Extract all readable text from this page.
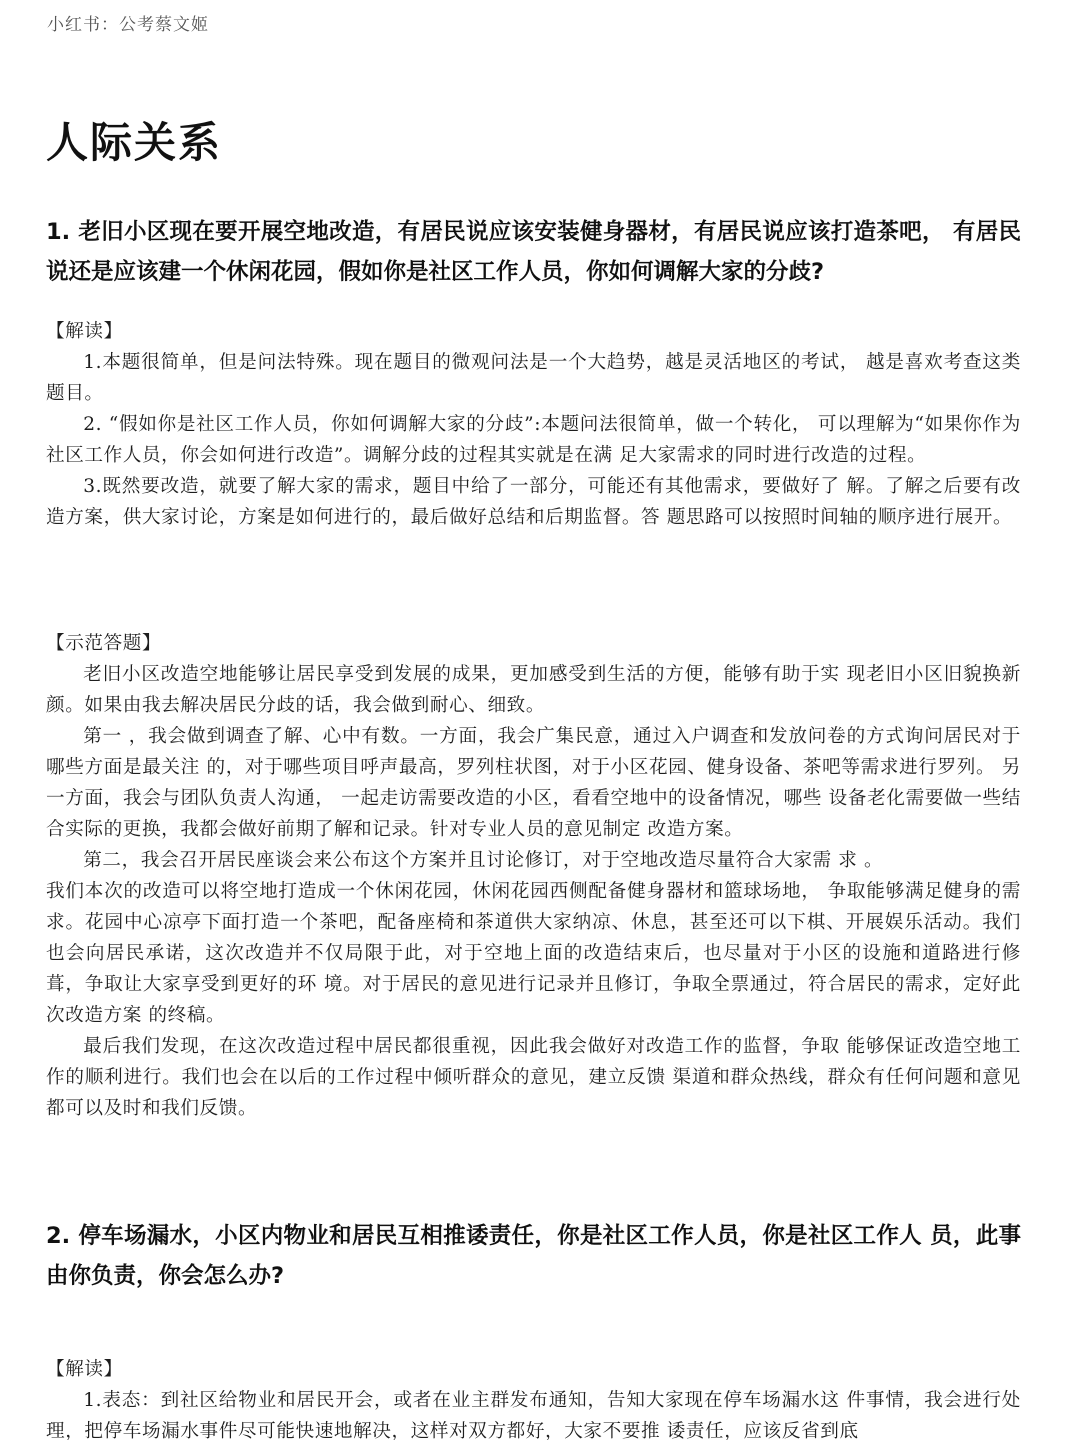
小红书：公考蔡文姬
人际关系
1. 老旧小区现在要开展空地改造，有居民说应该安装健身器材，有居民说应该打造茶吧， 有居民说还是应该建一个休闲花园，假如你是社区工作人员，你如何调解大家的分歧?

【解读】

1.本题很简单，但是问法特殊。现在题目的微观问法是一个大趋势，越是灵活地区的考试， 越是喜欢考查这类题目。

2. “假如你是社区工作人员，你如何调解大家的分歧”:本题问法很简单，做一个转化， 可以理解为“如果你作为社区工作人员，你会如何进行改造”。调解分歧的过程其实就是在满 足大家需求的同时进行改造的过程。

3.既然要改造，就要了解大家的需求，题目中给了一部分，可能还有其他需求，要做好了 解。了解之后要有改造方案，供大家讨论，方案是如何进行的，最后做好总结和后期监督。答 题思路可以按照时间轴的顺序进行展开。

【示范答题】

老旧小区改造空地能够让居民享受到发展的成果，更加感受到生活的方便，能够有助于实 现老旧小区旧貌换新颜。如果由我去解决居民分歧的话，我会做到耐心、细致。

第一 ，我会做到调查了解、心中有数。一方面，我会广集民意，通过入户调查和发放问卷的方式询问居民对于哪些方面是最关注 的，对于哪些项目呼声最高，罗列柱状图，对于小区花园、健身设备、茶吧等需求进行罗列。 另一方面，我会与团队负责人沟通， 一起走访需要改造的小区，看看空地中的设备情况，哪些 设备老化需要做一些结合实际的更换，我都会做好前期了解和记录。针对专业人员的意见制定 改造方案。

第二，我会召开居民座谈会来公布这个方案并且讨论修订，对于空地改造尽量符合大家需 求 。

我们本次的改造可以将空地打造成一个休闲花园，休闲花园西侧配备健身器材和篮球场地， 争取能够满足健身的需求。花园中心凉亭下面打造一个茶吧，配备座椅和茶道供大家纳凉、休息，甚至还可以下棋、开展娱乐活动。我们也会向居民承诺，这次改造并不仅局限于此，对于空地上面的改造结束后，也尽量对于小区的设施和道路进行修葺，争取让大家享受到更好的环 境。对于居民的意见进行记录并且修订，争取全票通过，符合居民的需求，定好此次改造方案 的终稿。

最后我们发现，在这次改造过程中居民都很重视，因此我会做好对改造工作的监督，争取 能够保证改造空地工作的顺利进行。我们也会在以后的工作过程中倾听群众的意见，建立反馈 渠道和群众热线，群众有任何问题和意见都可以及时和我们反馈。

2. 停车场漏水，小区内物业和居民互相推诿责任，你是社区工作人员，你是社区工作人 员，此事由你负责，你会怎么办?

【解读】

1.表态：到社区给物业和居民开会，或者在业主群发布通知，告知大家现在停车场漏水这 件事情，我会进行处理，把停车场漏水事件尽可能快速地解决，这样对双方都好，大家不要推 诿责任，应该反省到底
